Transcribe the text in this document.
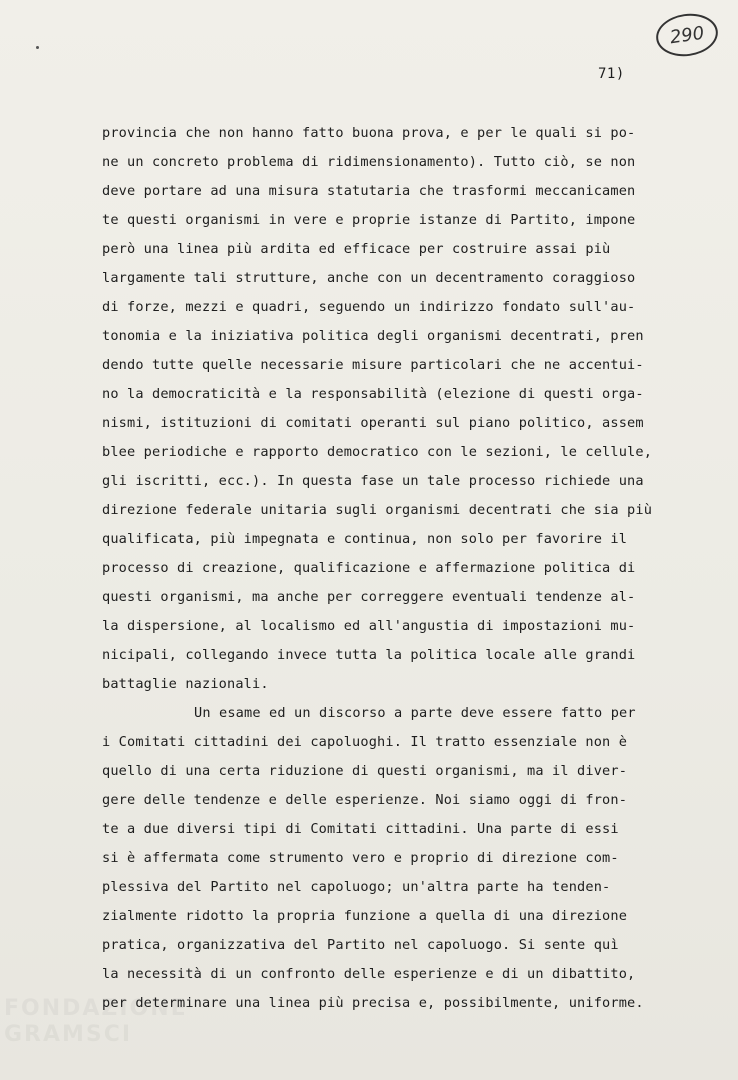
290
71)
provincia che non hanno fatto buona prova, e per le quali si po-
ne un concreto problema di ridimensionamento). Tutto ciò, se non
deve portare ad una misura statutaria che trasformi meccanicamen
te questi organismi in vere e proprie istanze di Partito, impone
però una linea più ardita ed efficace per costruire assai più
largamente tali strutture, anche con un decentramento coraggioso
di forze, mezzi e quadri, seguendo un indirizzo fondato sull'au-
tonomia e la iniziativa politica degli organismi decentrati, pren
dendo tutte quelle necessarie misure particolari che ne accentui-
no la democraticità e la responsabilità (elezione di questi orga-
nismi, istituzioni di comitati operanti sul piano politico, assem
blee periodiche e rapporto democratico con le sezioni, le cellule,
gli iscritti, ecc.). In questa fase un tale processo richiede una
direzione federale unitaria sugli organismi decentrati che sia più
qualificata, più impegnata e continua, non solo per favorire il
processo di creazione, qualificazione e affermazione politica di
questi organismi, ma anche per correggere eventuali tendenze al-
la dispersione, al localismo ed all'angustia di impostazioni mu-
nicipali, collegando invece tutta la politica locale alle grandi
battaglie nazionali.
Un esame ed un discorso a parte deve essere fatto per
i Comitati cittadini dei capoluoghi. Il tratto essenziale non è
quello di una certa riduzione di questi organismi, ma il diver-
gere delle tendenze e delle esperienze. Noi siamo oggi di fron-
te a due diversi tipi di Comitati cittadini. Una parte di essi
si è affermata come strumento vero e proprio di direzione com-
plessiva del Partito nel capoluogo; un'altra parte ha tenden-
zialmente ridotto la propria funzione a quella di una direzione
pratica, organizzativa del Partito nel capoluogo. Si sente quì
la necessità di un confronto delle esperienze e di un dibattito,
per determinare una linea più precisa e, possibilmente, uniforme.
